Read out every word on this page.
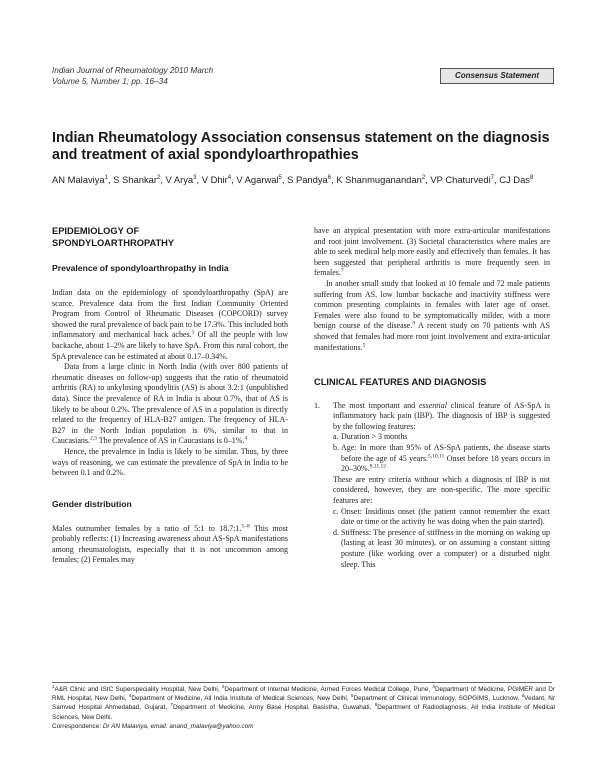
Indian Journal of Rheumatology 2010 March
Volume 5, Number 1; pp. 16–34
Consensus Statement
Indian Rheumatology Association consensus statement on the diagnosis and treatment of axial spondyloarthropathies
AN Malaviya$^1$, S Shankar$^2$, V Arya$^3$, V Dhir$^4$, V Agarwal$^5$, S Pandya$^6$, K Shanmuganandan$^2$, VP Chaturvedi$^7$, CJ Das$^8$
EPIDEMIOLOGY OF
SPONDYLOARTHROPATHY
Prevalence of spondyloarthropathy in India

Indian data on the epidemiology of spondyloarthropathy (SpA) are scarce. Prevalence data from the first Indian Community Oriented Program from Control of Rheumatic Diseases (COPCORD) survey showed the rural prevalence of back pain to be 17.3%. This included both inflammatory and mechanical back aches.$^1$ Of all the people with low backache, about 1–2% are likely to have SpA. From this rural cohort, the SpA prevalence can be estimated at about 0.17–0.34%.

Data from a large clinic in North India (with over 800 patients of rheumatic diseases on follow-up) suggests that the ratio of rheumatoid arthritis (RA) to ankylosing spondylitis (AS) is about 3.2:1 (unpublished data). Since the prevalence of RA in India is about 0.7%, that of AS is likely to be about 0.2%. The prevalence of AS in a population is directly related to the frequency of HLA-B27 antigen. The frequency of HLA-B27 in the North Indian population is 6%, similar to that in Caucasians.$^{2,3}$ The prevalence of AS in Caucasians is 0–1%.$^4$

Hence, the prevalence in India is likely to be similar. Thus, by three ways of reasoning, we can estimate the prevalence of SpA in India to be between 0.1 and 0.2%.

Gender distribution

Males outnumber females by a ratio of 5:1 to 18.7:1.$^{5-8}$ This most probably reflects: (1) Increasing awareness about AS-SpA manifestations among rheumatologists, especially that it is not uncommon among females; (2) Females may

have an atypical presentation with more extra-articular manifestations and root joint involvement. (3) Societal characteristics where males are able to seek medical help more easily and effectively than females. It has been suggested that peripheral arthritis is more frequently seen in females.$^7$

In another small study that looked at 10 female and 72 male patients suffering from AS, low lumbar backache and inactivity stiffness were common presenting complaints in females with later age of onset. Females were also found to be symptomatically milder, with a more benign course of the disease.$^9$ A recent study on 70 patients with AS showed that females had more root joint involvement and extra-articular manifestations.$^5$

CLINICAL FEATURES AND DIAGNOSIS

1. The most important and essential clinical feature of AS-SpA is inflammatory back pain (IBP). The diagnosis of IBP is suggested by the following features:

a. Duration > 3 months

b. Age: In more than 95% of AS-SpA patients, the disease starts before the age of 45 years.$^{5,10,11}$ Onset before 18 years occurs in 20–30%.$^{8,11,12}$

These are entry criteria without which a diagnosis of IBP is not considered, however, they are non-specific. The more specific features are:

c. Onset: Insidious onset (the patient cannot remember the exact date or time or the activity he was doing when the pain started).

d. Stiffness: The presence of stiffness in the morning on waking up (lasting at least 30 minutes), or on assuming a constant sitting posture (like working over a computer) or a disturbed night sleep. This

$^1$A&R Clinic and ISIC Superspeciality Hospital, New Delhi, $^2$Department of Internal Medicine, Armed Forces Medical College, Pune, $^3$Department of Medicine, PGIMER and Dr RML Hospital, New Delhi, $^4$Department of Medicine, All India Institute of Medical Sciences, New Delhi, $^5$Department of Clinical Immunology, SGPGIMS, Lucknow, $^6$Vedant, Nr Samved Hospital Ahmedabad, Gujarat, $^7$Department of Medicine, Army Base Hospital, Basistha, Guwahati, $^8$Department of Radiodiagnosis, All India Institute of Medical Sciences, New Delhi.
Correspondence: Dr AN Malaviya, email: anand_malaviya@yahoo.com
